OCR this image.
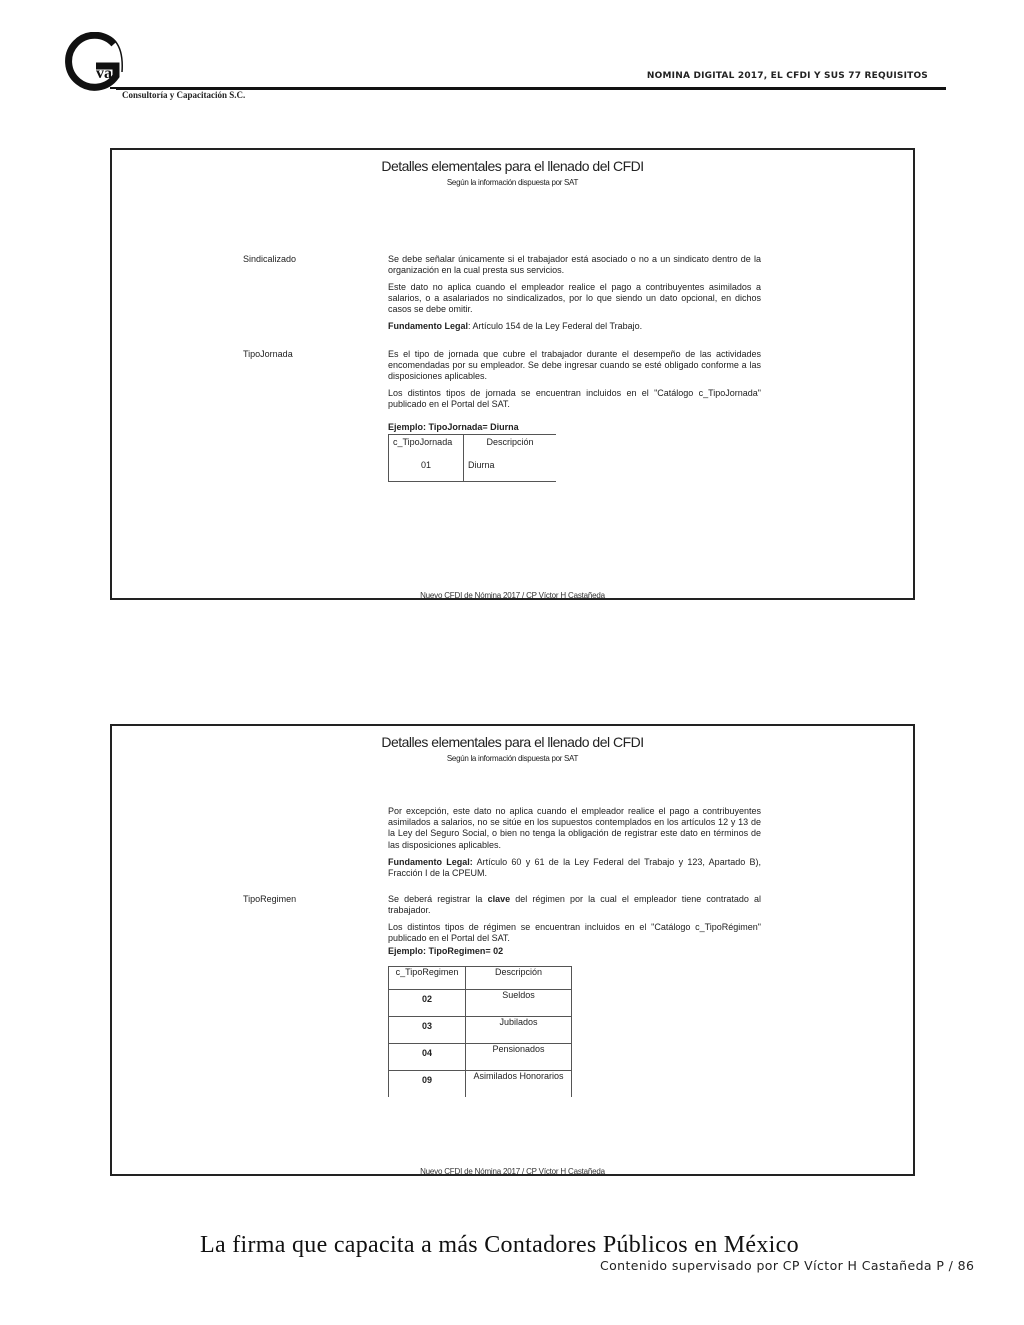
va
Consultoría y Capacitación S.C.
NOMINA DIGITAL 2017, EL CFDI Y SUS 77 REQUISITOS
Detalles elementales para el llenado del CFDI
Según la información dispuesta por SAT
Sindicalizado	Se debe señalar únicamente si el trabajador está asociado o no a un sindicato dentro de la organización en la cual presta sus servicios.
Este dato no aplica cuando el empleador realice el pago a contribuyentes asimilados a salarios, o a asalariados no sindicalizados, por lo que siendo un dato opcional, en dichos casos se debe omitir.
Fundamento Legal: Artículo 154 de la Ley Federal del Trabajo.
TipoJornada	Es el tipo de jornada que cubre el trabajador durante el desempeño de las actividades encomendadas por su empleador. Se debe ingresar cuando se esté obligado conforme a las disposiciones aplicables.
Los distintos tipos de jornada se encuentran incluidos en el "Catálogo c_TipoJornada" publicado en el Portal del SAT.
Ejemplo: TipoJornada= Diurna
c_TipoJornada	Descripción
01	Diurna
Nuevo CFDI de Nómina 2017 / CP Víctor H Castañeda
Detalles elementales para el llenado del CFDI
Según la información dispuesta por SAT
Por excepción, este dato no aplica cuando el empleador realice el pago a contribuyentes asimilados a salarios, no se sitúe en los supuestos contemplados en los artículos 12 y 13 de la Ley del Seguro Social, o bien no tenga la obligación de registrar este dato en términos de las disposiciones aplicables.
Fundamento Legal: Artículo 60 y 61 de la Ley Federal del Trabajo y 123, Apartado B), Fracción I de la CPEUM.
TipoRegimen	Se deberá registrar la clave del régimen por la cual el empleador tiene contratado al trabajador.
Los distintos tipos de régimen se encuentran incluidos en el "Catálogo c_TipoRégimen" publicado en el Portal del SAT.
Ejemplo: TipoRegimen= 02
c_TipoRegimen	Descripción
02	Sueldos
03	Jubilados
04	Pensionados
09	Asimilados Honorarios
Nuevo CFDI de Nómina 2017 / CP Víctor H Castañeda
La firma que capacita a más Contadores Públicos en México
Contenido supervisado por CP Víctor H Castañeda P / 86
